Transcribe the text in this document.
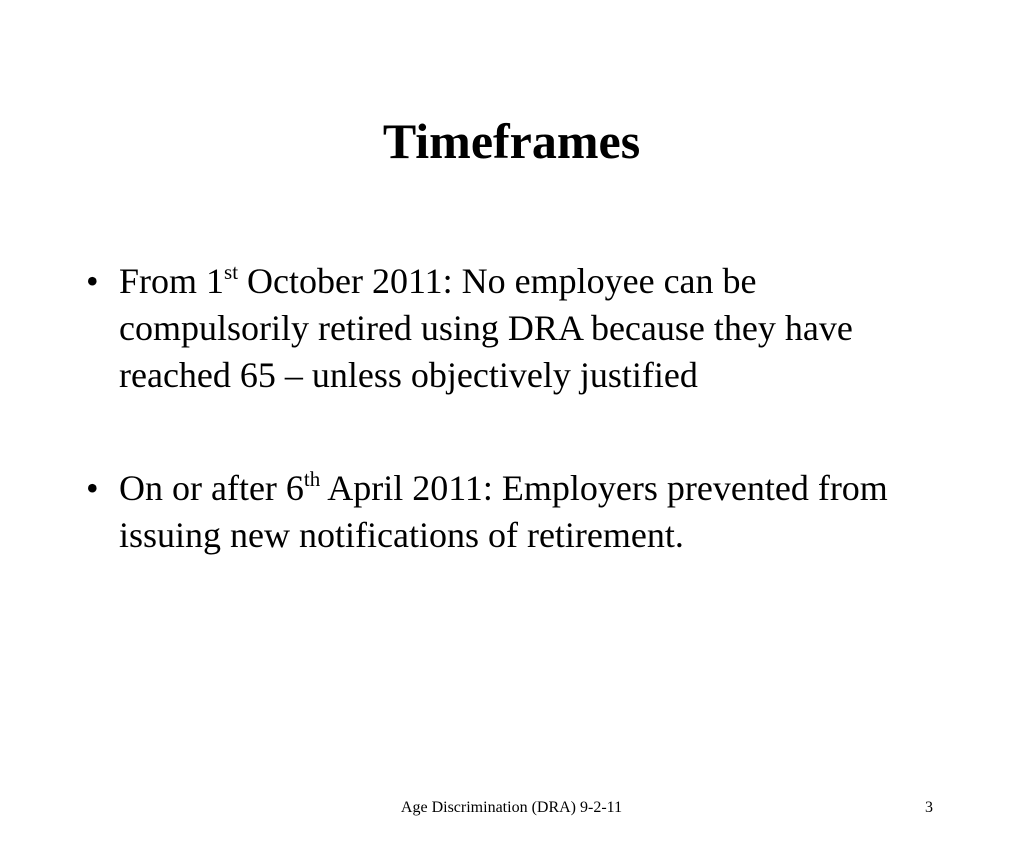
Timeframes
• From 1st October 2011: No employee can be compulsorily retired using DRA because they have reached 65 – unless objectively justified
• On or after 6th April 2011: Employers prevented from issuing new notifications of retirement.
Age Discrimination (DRA) 9-2-11	3
